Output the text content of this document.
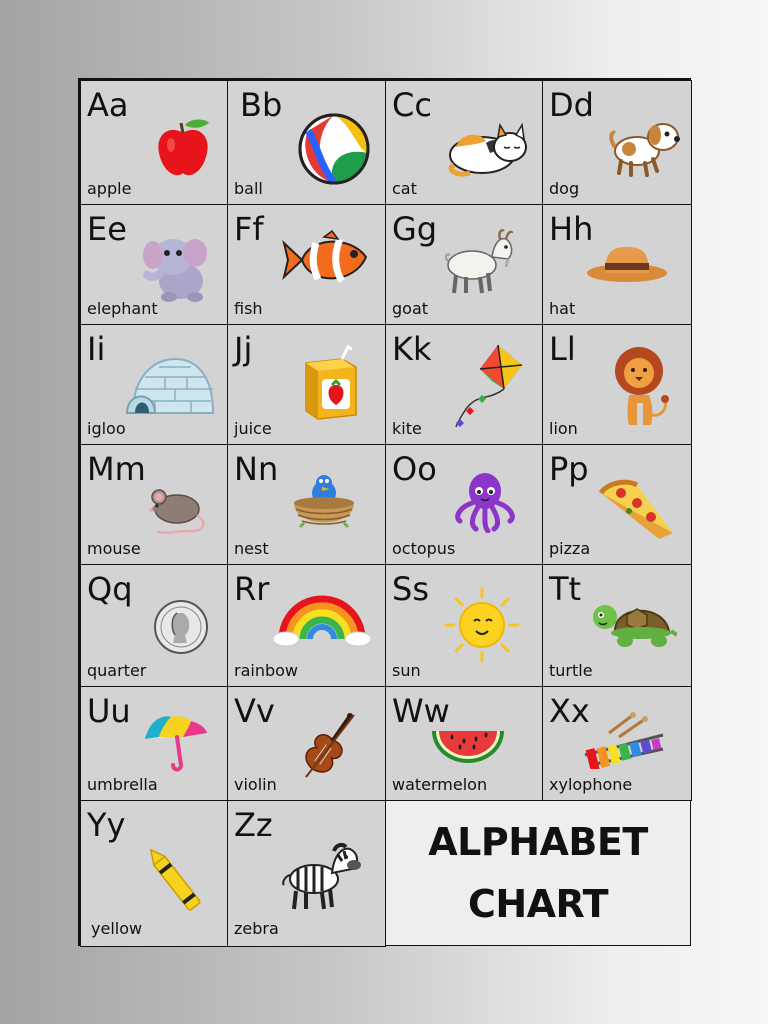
Aa
apple
Bb
ball
Cc
cat
Dd
dog
Ee
elephant
Ff
fish
Gg
goat
Hh
hat
Ii
igloo
Jj
juice
Kk
kite
Ll
lion
Mm
mouse
Nn
nest
Oo
octopus
Pp
pizza
Qq
quarter
Rr
rainbow
Ss
sun
Tt
turtle
Uu
umbrella
Vv
violin
Ww
watermelon
Xx
xylophone
Yy
yellow
Zz
zebra
ALPHABET
CHART
